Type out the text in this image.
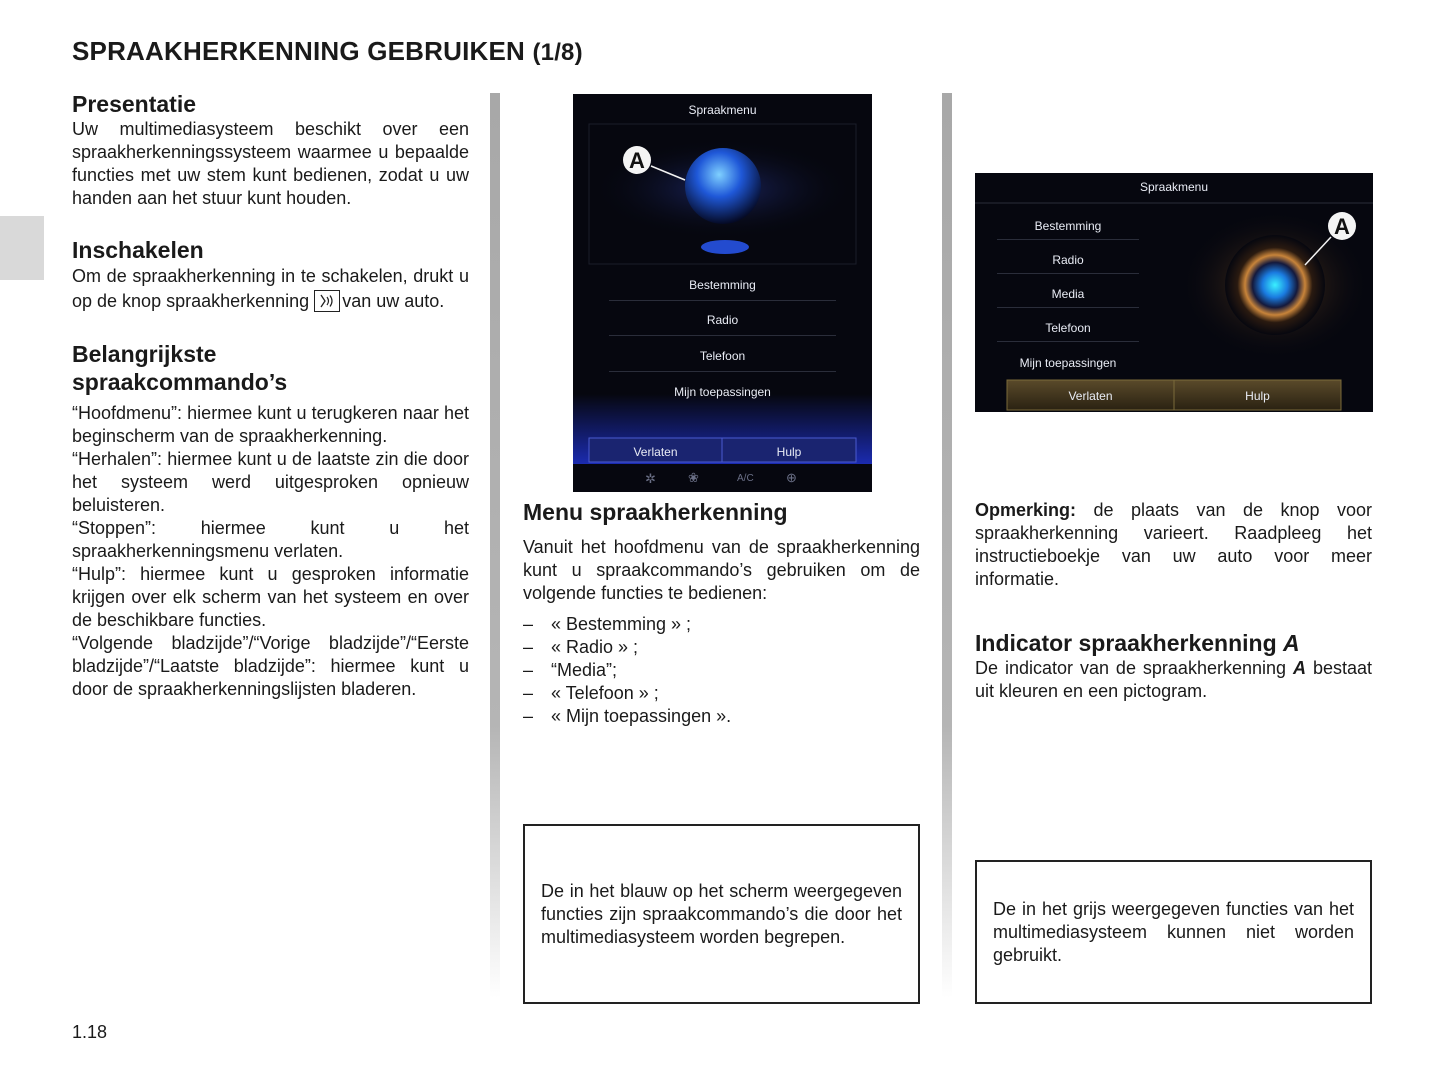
SPRAAKHERKENNING GEBRUIKEN (1/8)
Presentatie

Uw multimediasysteem beschikt over een spraakherkenningssysteem waarmee u bepaalde functies met uw stem kunt bedienen, zodat u uw handen aan het stuur kunt houden.

Inschakelen

Om de spraakherkenning in te schakelen, drukt u op de knop spraakherkenning van uw auto.

Belangrijkste
spraakcommando’s

“Hoofdmenu”: hiermee kunt u terugkeren naar het beginscherm van de spraakherkenning.

“Herhalen”: hiermee kunt u de laatste zin die door het systeem werd uitgesproken opnieuw beluisteren.

“Stoppen”: hiermee kunt u het spraakherkenningsmenu verlaten.

“Hulp”: hiermee kunt u gesproken informatie krijgen over elk scherm van het systeem en over de beschikbare functies.

“Volgende bladzijde”/“Vorige bladzijde”/“Eerste bladzijde”/“Laatste bladzijde”: hiermee kunt u door de spraakherkenningslijsten bladeren.

A
Spraakmenu
Bestemming
Radio
Telefoon
Mijn toepassingen
Verlaten	Hulp
✲ ❀	A/C ⊕
Menu spraakherkenning

Vanuit het hoofdmenu van de spraakherkenning kunt u spraakcommando’s gebruiken om de volgende functies te bedienen:

– « Bestemming » ;
– « Radio » ;
– “Media”;
– « Telefoon » ;
– « Mijn toepassingen ».

De in het blauw op het scherm weergegeven functies zijn spraakcommando’s die door het multimediasysteem worden begrepen.

A
Spraakmenu
Bestemming
Radio
Media
Telefoon
Mijn toepassingen
Verlaten	Hulp

Opmerking: de plaats van de knop voor spraakherkenning varieert. Raadpleeg het instructieboekje van uw auto voor meer informatie.

Indicator spraakherkenning A

De indicator van de spraakherkenning A bestaat uit kleuren en een pictogram.

De in het grijs weergegeven functies van het multimediasysteem kunnen niet worden gebruikt.

1.18
